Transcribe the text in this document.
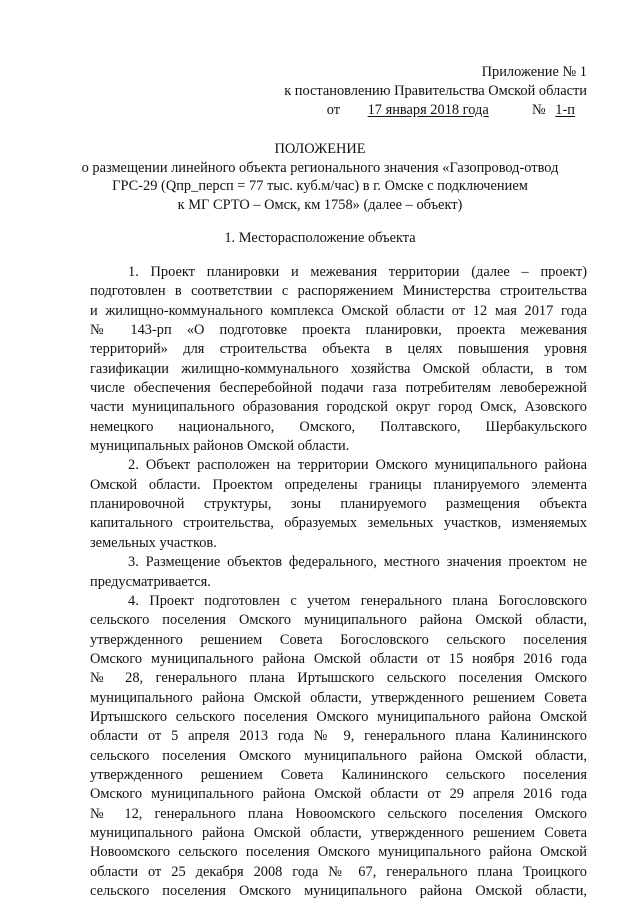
Приложение № 1
к постановлению Правительства Омской области
от 17 января 2018 года	№ 1-п
ПОЛОЖЕНИЕ
о размещении линейного объекта регионального значения «Газопровод-отвод
ГРС-29 (Qпр_персп = 77 тыс. куб.м/час) в г. Омске с подключением
к МГ СРТО – Омск, км 1758» (далее – объект)
1. Месторасположение объекта
1. Проект планировки и межевания территории (далее – проект)
подготовлен в соответствии с распоряжением Министерства строительства
и жилищно-коммунального комплекса Омской области от 12 мая 2017 года
№ 143-рп «О подготовке проекта планировки, проекта межевания
территорий» для строительства объекта в целях повышения уровня
газификации жилищно-коммунального хозяйства Омской области, в том
числе обеспечения бесперебойной подачи газа потребителям левобережной
части муниципального образования городской округ город Омск, Азовского
немецкого национального, Омского, Полтавского, Шербакульского
муниципальных районов Омской области.
2. Объект расположен на территории Омского муниципального района
Омской области. Проектом определены границы планируемого элемента
планировочной структуры, зоны планируемого размещения объекта
капитального строительства, образуемых земельных участков, изменяемых
земельных участков.
3. Размещение объектов федерального, местного значения проектом не
предусматривается.
4. Проект подготовлен с учетом генерального плана Богословского
сельского поселения Омского муниципального района Омской области,
утвержденного решением Совета Богословского сельского поселения
Омского муниципального района Омской области от 15 ноября 2016 года
№ 28, генерального плана Иртышского сельского поселения Омского
муниципального района Омской области, утвержденного решением Совета
Иртышского сельского поселения Омского муниципального района Омской
области от 5 апреля 2013 года № 9, генерального плана Калининского
сельского поселения Омского муниципального района Омской области,
утвержденного решением Совета Калининского сельского поселения
Омского муниципального района Омской области от 29 апреля 2016 года
№ 12, генерального плана Новоомского сельского поселения Омского
муниципального района Омской области, утвержденного решением Совета
Новоомского сельского поселения Омского муниципального района Омской
области от 25 декабря 2008 года № 67, генерального плана Троицкого
сельского поселения Омского муниципального района Омской области,
